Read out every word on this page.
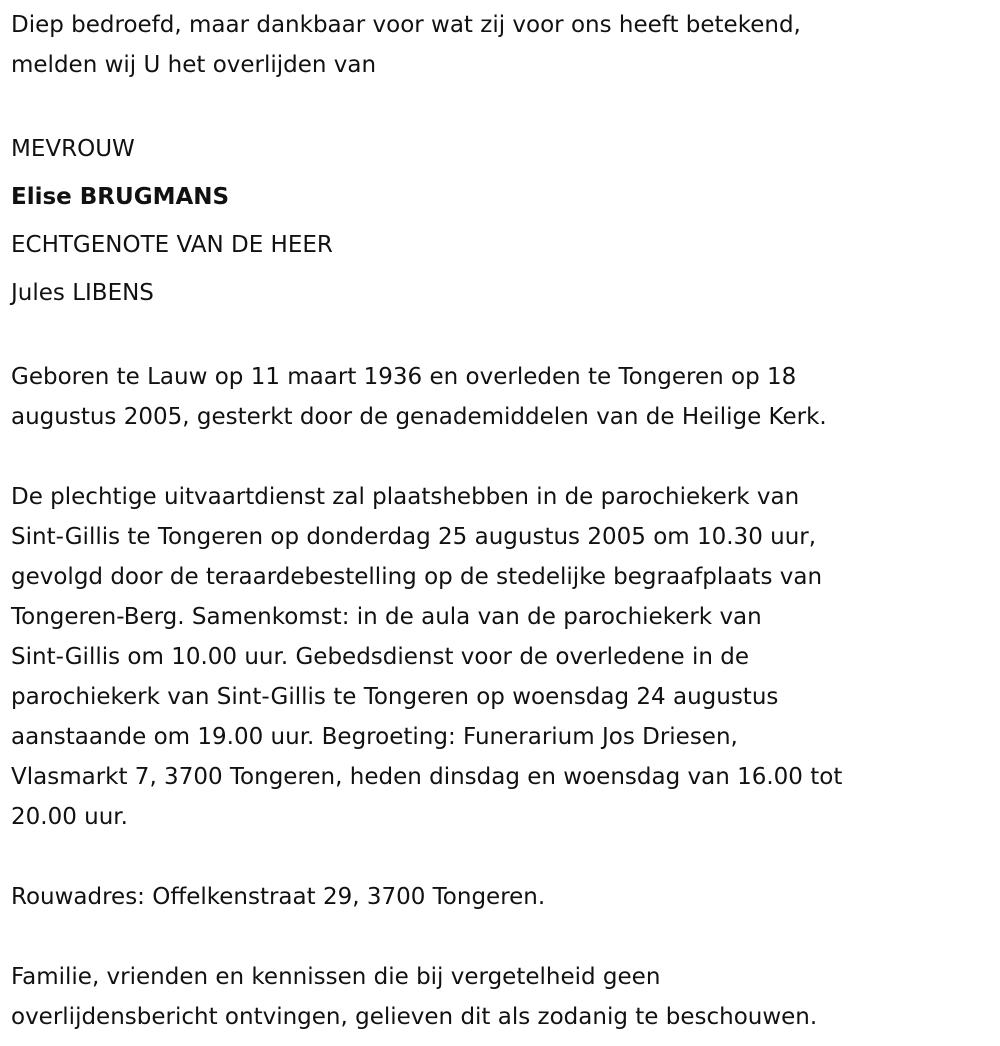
Diep bedroefd, maar dankbaar voor wat zij voor ons heeft betekend,
melden wij U het overlijden van

MEVROUW

Elise BRUGMANS

ECHTGENOTE VAN DE HEER

Jules LIBENS

Geboren te Lauw op 11 maart 1936 en overleden te Tongeren op 18
augustus 2005, gesterkt door de genademiddelen van de Heilige Kerk.

De plechtige uitvaartdienst zal plaatshebben in de parochiekerk van
Sint-Gillis te Tongeren op donderdag 25 augustus 2005 om 10.30 uur,
gevolgd door de teraardebestelling op de stedelijke begraafplaats van
Tongeren-Berg. Samenkomst: in de aula van de parochiekerk van
Sint-Gillis om 10.00 uur. Gebedsdienst voor de overledene in de
parochiekerk van Sint-Gillis te Tongeren op woensdag 24 augustus
aanstaande om 19.00 uur. Begroeting: Funerarium Jos Driesen,
Vlasmarkt 7, 3700 Tongeren, heden dinsdag en woensdag van 16.00 tot
20.00 uur.

Rouwadres: Offelkenstraat 29, 3700 Tongeren.

Familie, vrienden en kennissen die bij vergetelheid geen
overlijdensbericht ontvingen, gelieven dit als zodanig te beschouwen.
